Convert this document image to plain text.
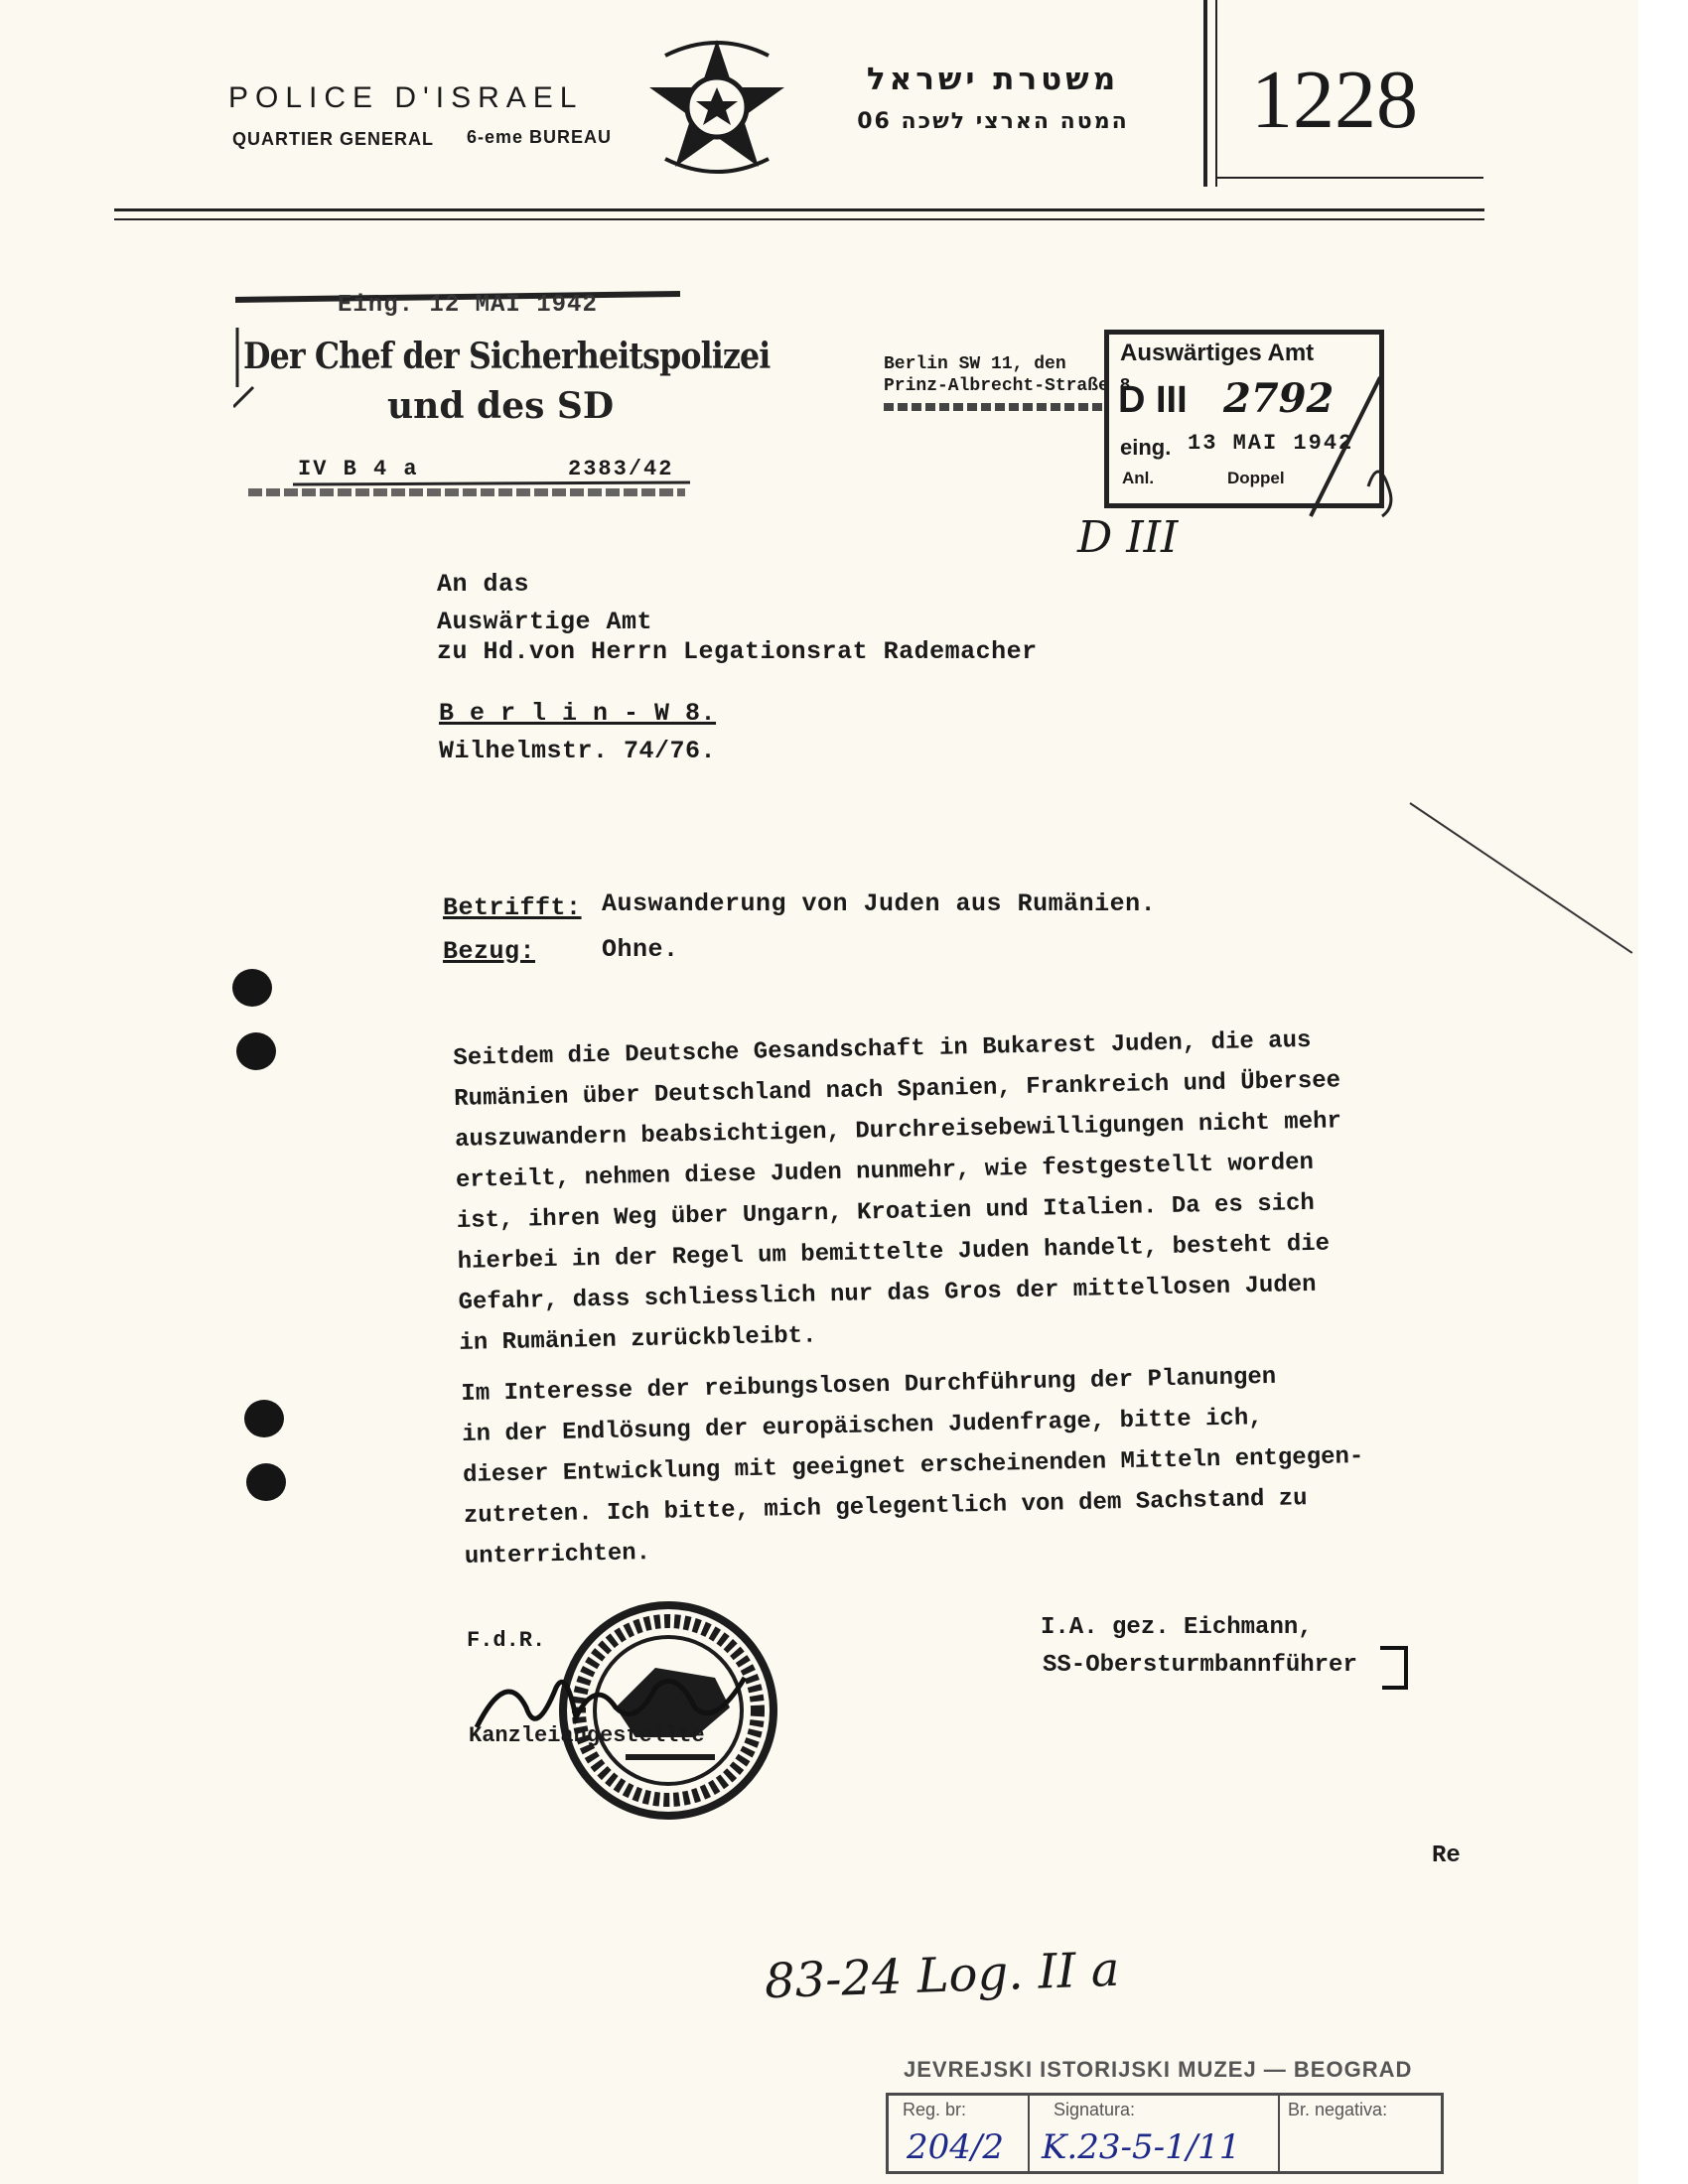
POLICE D'ISRAEL
QUARTIER GENERAL 6-eme BUREAU
משטרת ישראל
המטה הארצי לשכה 06	1228
Eing. 12 MAI 1942
Der Chef der Sicherheitspolizei
und des SD
IV B 4 a	2383/42
Berlin SW 11, den
Prinz-Albrecht-Straße 8
Auswärtiges Amt
D III 2792
eing. 13 MAI 1942
Anl.	Doppel
D III
An das
Auswärtige Amt
zu Hd.von Herrn Legationsrat Rademacher
B e r l i n - W 8.
Wilhelmstr. 74/76.
Betrifft: Auswanderung von Juden aus Rumänien.
Bezug:	Ohne.
Seitdem die Deutsche Gesandschaft in Bukarest Juden, die aus
Rumänien über Deutschland nach Spanien, Frankreich und Übersee
auszuwandern beabsichtigen, Durchreisebewilligungen nicht mehr
erteilt, nehmen diese Juden nunmehr, wie festgestellt worden
ist, ihren Weg über Ungarn, Kroatien und Italien. Da es sich
hierbei in der Regel um bemittelte Juden handelt, besteht die
Gefahr, dass schliesslich nur das Gros der mittellosen Juden
in Rumänien zurückbleibt.
Im Interesse der reibungslosen Durchführung der Planungen
in der Endlösung der europäischen Judenfrage, bitte ich,
dieser Entwicklung mit geeignet erscheinenden Mitteln entgegen-
zutreten. Ich bitte, mich gelegentlich von dem Sachstand zu
unterrichten.
F.d.R.
Kanzleiangestellte
I.A. gez. Eichmann,
SS-Obersturmbannführer
Re
83-24 Log. II a
JEVREJSKI ISTORIJSKI MUZEJ — BEOGRAD
Reg. br:
204/2
Signatura:
K.23-5-1/11
Br. negativa:
